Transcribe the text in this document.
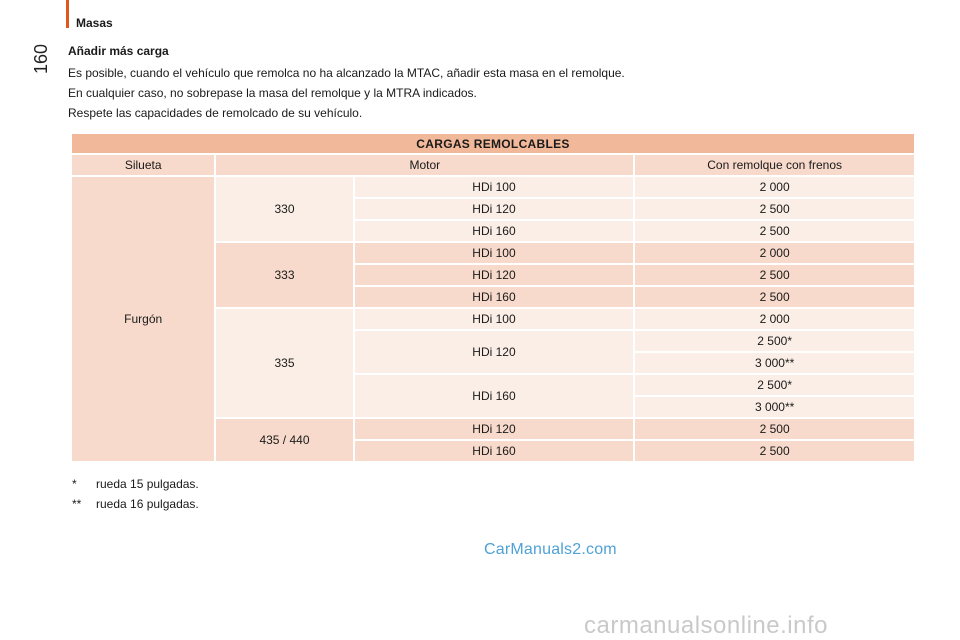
160
Masas
Añadir más carga

Es posible, cuando el vehículo que remolca no ha alcanzado la MTAC, añadir esta masa en el remolque.

En cualquier caso, no sobrepase la masa del remolque y la MTRA indicados.

Respete las capacidades de remolcado de su vehículo.

CARGAS REMOLCABLES			
Silueta	Motor		Con remolque con frenos
Furgón	330	HDi 100	2 000
		HDi 120	2 500
		HDi 160	2 500
	333	HDi 100	2 000
		HDi 120	2 500
		HDi 160	2 500
	335	HDi 100	2 000
		HDi 120	2 500*
			3 000**
		HDi 160	2 500*
			3 000**
	435 / 440	HDi 120	2 500
		HDi 160	2 500
*	rueda 15 pulgadas.
**	rueda 16 pulgadas.
CarManuals2.com
carmanualsonline.info
